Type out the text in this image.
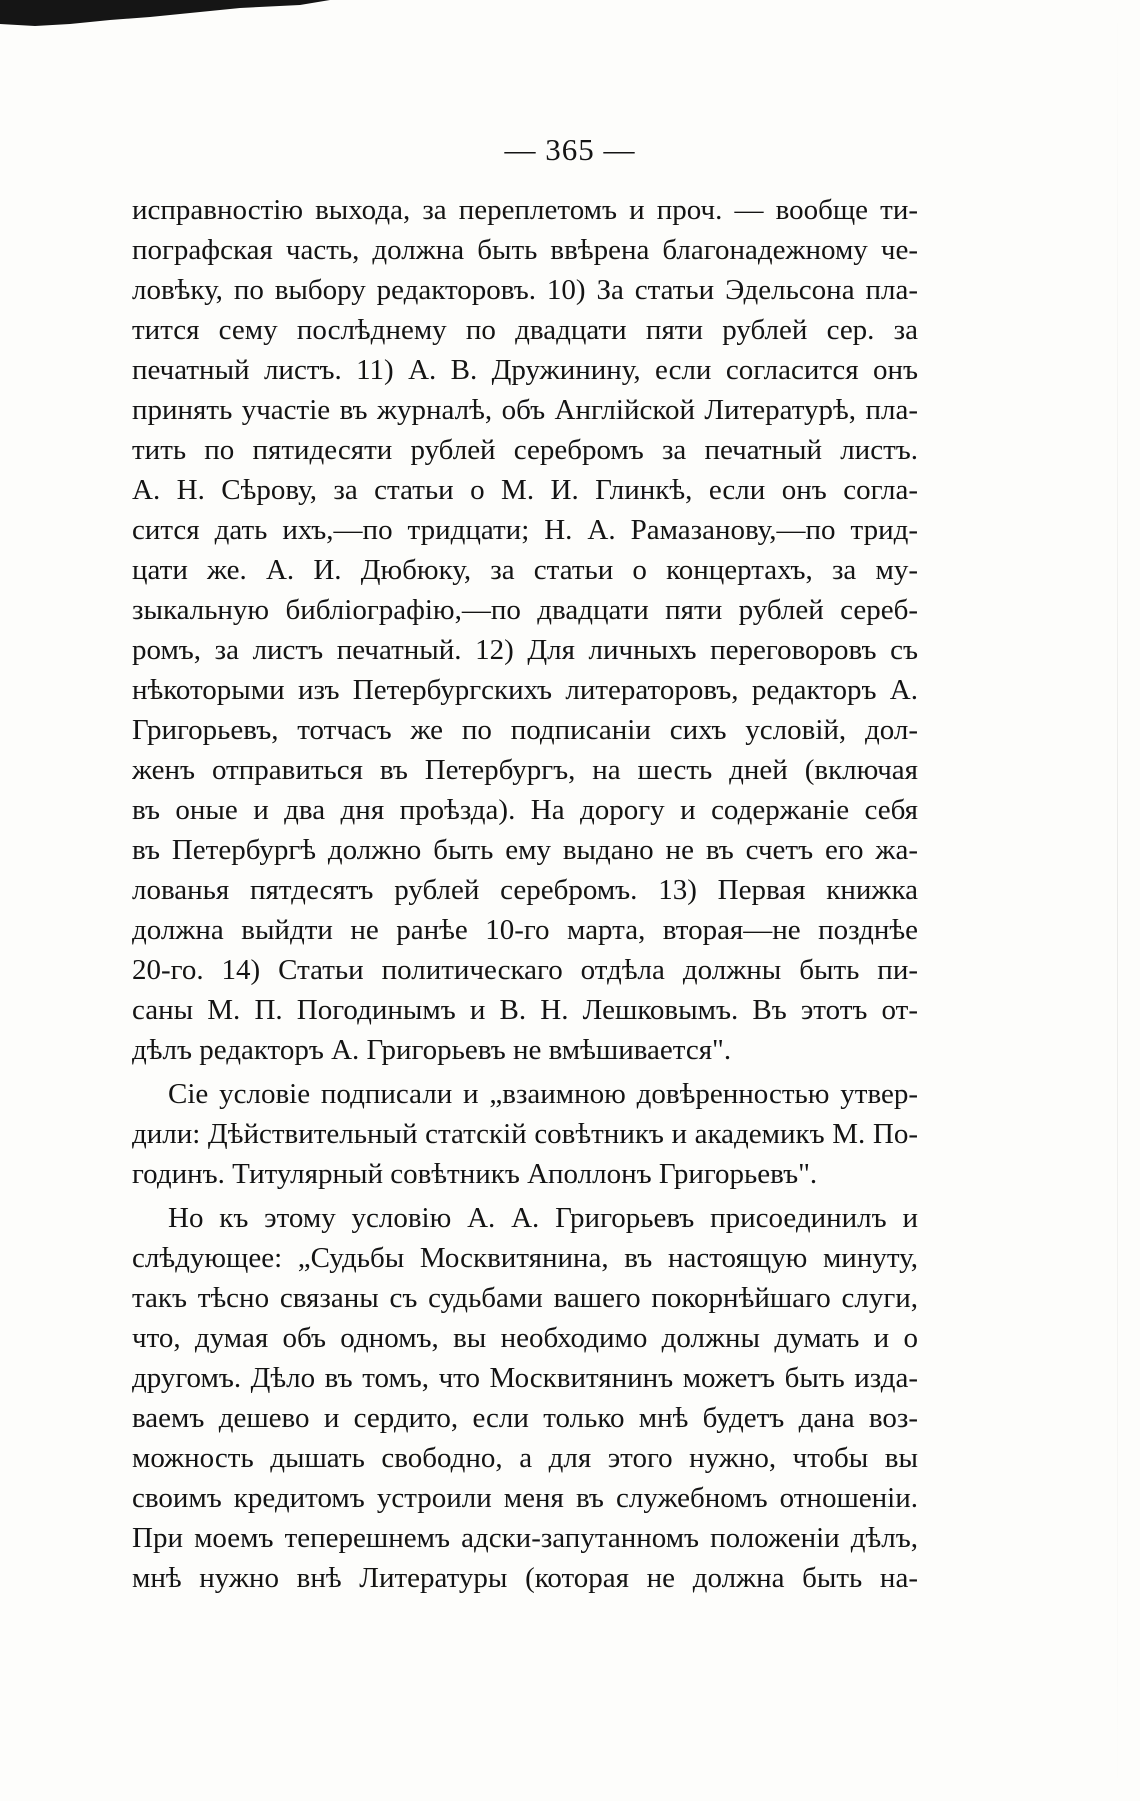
— 365 —
исправностію выхода, за переплетомъ и проч. — вообще ти-
пографская часть, должна быть ввѣрена благонадежному че-
ловѣку, по выбору редакторовъ. 10) За статьи Эдельсона пла-
тится сему послѣднему по двадцати пяти рублей сер. за
печатный листъ. 11) А. В. Дружинину, если согласится онъ
принять участіе въ журналѣ, объ Англійской Литературѣ, пла-
тить по пятидесяти рублей серебромъ за печатный листъ.
А. Н. Сѣрову, за статьи о М. И. Глинкѣ, если онъ согла-
сится дать ихъ,—по тридцати; Н. А. Рамазанову,—по трид-
цати же. А. И. Дюбюку, за статьи о концертахъ, за му-
зыкальную библіографію,—по двадцати пяти рублей сереб-
ромъ, за листъ печатный. 12) Для личныхъ переговоровъ съ
нѣкоторыми изъ Петербургскихъ литераторовъ, редакторъ А.
Григорьевъ, тотчасъ же по подписаніи сихъ условій, дол-
женъ отправиться въ Петербургъ, на шесть дней (включая
въ оные и два дня проѣзда). На дорогу и содержаніе себя
въ Петербургѣ должно быть ему выдано не въ счетъ его жа-
лованья пятдесятъ рублей серебромъ. 13) Первая книжка
должна выйдти не ранѣе 10-го марта, вторая—не позднѣе
20-го. 14) Статьи политическаго отдѣла должны быть пи-
саны М. П. Погодинымъ и В. Н. Лешковымъ. Въ этотъ от-
дѣлъ редакторъ А. Григорьевъ не вмѣшивается".
Сіе условіе подписали и „взаимною довѣренностью утвер-
дили: Дѣйствительный статскій совѣтникъ и академикъ М. По-
годинъ. Титулярный совѣтникъ Аполлонъ Григорьевъ".
Но къ этому условію А. А. Григорьевъ присоединилъ и
слѣдующее: „Судьбы Москвитянина, въ настоящую минуту,
такъ тѣсно связаны съ судьбами вашего покорнѣйшаго слуги,
что, думая объ одномъ, вы необходимо должны думать и о
другомъ. Дѣло въ томъ, что Москвитянинъ можетъ быть изда-
ваемъ дешево и сердито, если только мнѣ будетъ дана воз-
можность дышать свободно, а для этого нужно, чтобы вы
своимъ кредитомъ устроили меня въ служебномъ отношеніи.
При моемъ теперешнемъ адски-запутанномъ положеніи дѣлъ,
мнѣ нужно внѣ Литературы (которая не должна быть на-
